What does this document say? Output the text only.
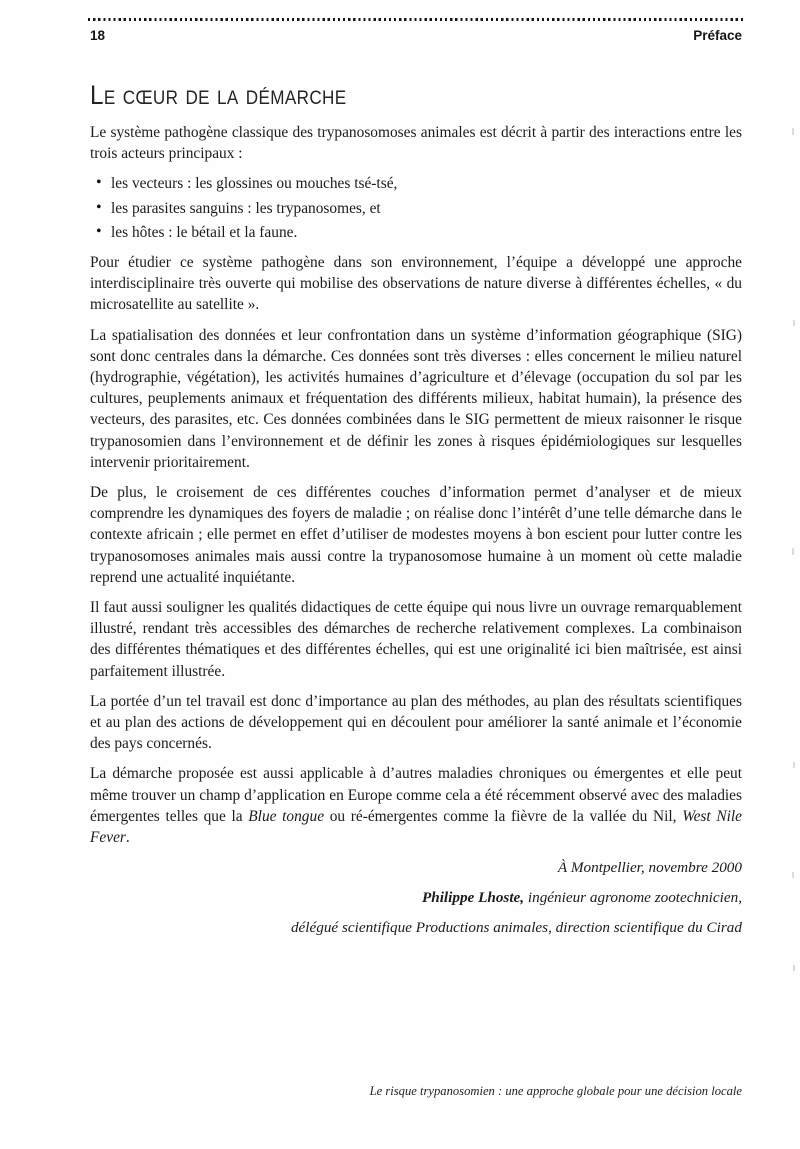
18	Préface
Le cœur de la démarche

Le système pathogène classique des trypanosomoses animales est décrit à partir des interactions entre les trois acteurs principaux :

• les vecteurs : les glossines ou mouches tsé-tsé,
• les parasites sanguins : les trypanosomes, et
• les hôtes : le bétail et la faune.

Pour étudier ce système pathogène dans son environnement, l’équipe a développé une approche interdisciplinaire très ouverte qui mobilise des observations de nature diverse à différentes échelles, « du microsatellite au satellite ».

La spatialisation des données et leur confrontation dans un système d’information géographique (SIG) sont donc centrales dans la démarche. Ces données sont très diverses : elles concernent le milieu naturel (hydrographie, végétation), les activités humaines d’agriculture et d’élevage (occupation du sol par les cultures, peuplements animaux et fréquentation des différents milieux, habitat humain), la présence des vecteurs, des parasites, etc. Ces données combinées dans le SIG permettent de mieux raisonner le risque trypanosomien dans l’environnement et de définir les zones à risques épidémiologiques sur lesquelles intervenir prioritairement.

De plus, le croisement de ces différentes couches d’information permet d’analyser et de mieux comprendre les dynamiques des foyers de maladie ; on réalise donc l’intérêt d’une telle démarche dans le contexte africain ; elle permet en effet d’utiliser de modestes moyens à bon escient pour lutter contre les trypanosomoses animales mais aussi contre la trypanosomose humaine à un moment où cette maladie reprend une actualité inquiétante.

Il faut aussi souligner les qualités didactiques de cette équipe qui nous livre un ouvrage remarquablement illustré, rendant très accessibles des démarches de recherche relativement complexes. La combinaison des différentes thématiques et des différentes échelles, qui est une originalité ici bien maîtrisée, est ainsi parfaitement illustrée.

La portée d’un tel travail est donc d’importance au plan des méthodes, au plan des résultats scientifiques et au plan des actions de développement qui en découlent pour améliorer la santé animale et l’économie des pays concernés.

La démarche proposée est aussi applicable à d’autres maladies chroniques ou émergentes et elle peut même trouver un champ d’application en Europe comme cela a été récemment observé avec des maladies émergentes telles que la Blue tongue ou ré-émergentes comme la fièvre de la vallée du Nil, West Nile Fever.

À Montpellier, novembre 2000

Philippe Lhoste, ingénieur agronome zootechnicien,

délégué scientifique Productions animales, direction scientifique du Cirad

Le risque trypanosomien : une approche globale pour une décision locale
